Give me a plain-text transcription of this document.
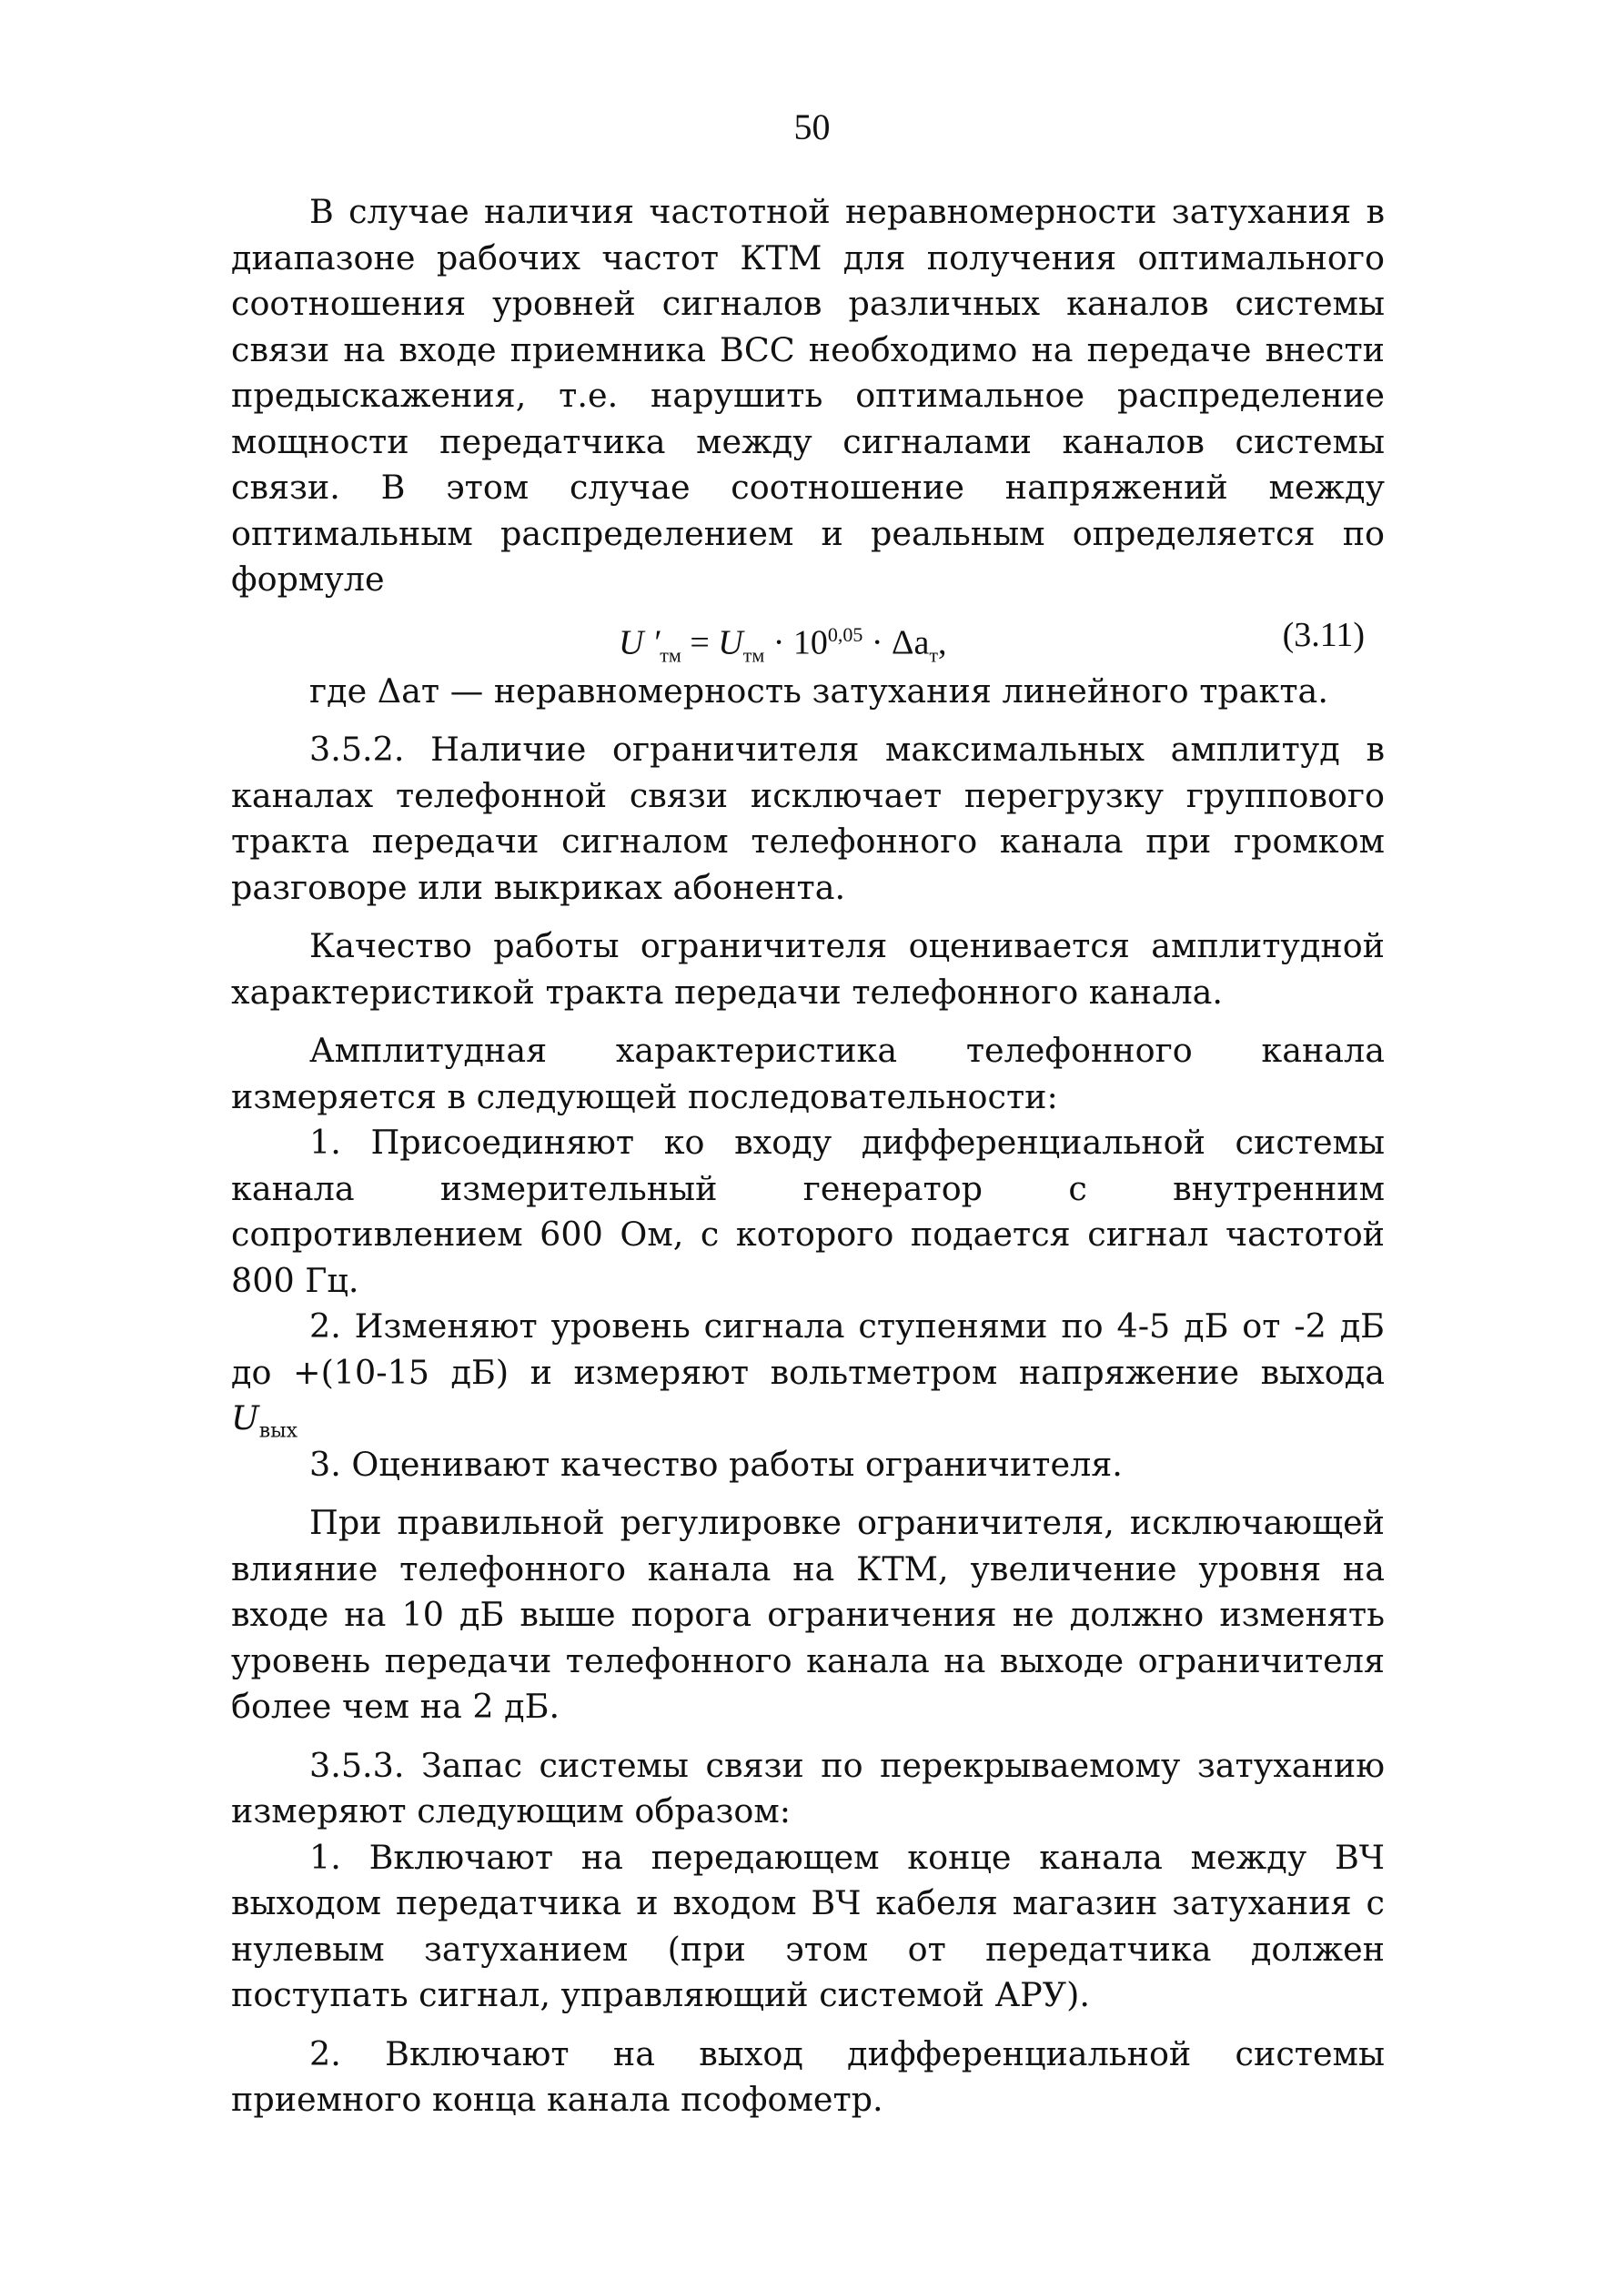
50

В случае наличия частотной неравномерности затухания в диапазоне рабочих частот КТМ для получения оптимального соотношения уровней сигналов различных каналов системы связи на входе приемника ВСС необходимо на передаче внести предыскажения, т.е. нарушить оптимальное распределение мощности передатчика между сигналами каналов системы связи. В этом случае соотношение напряжений между оптимальным распределением и реальным определяется по формуле

U $'_{тм} = U_{тм} \cdot 10^{0,05} \cdot \Delta a_т$,	(3.11)

где Δaт — неравномерность затухания линейного тракта.

3.5.2. Наличие ограничителя максимальных амплитуд в каналах телефонной связи исключает перегрузку группового тракта передачи сигналом телефонного канала при громком разговоре или выкриках абонента.

Качество работы ограничителя оценивается амплитудной характеристикой тракта передачи телефонного канала.

Амплитудная характеристика телефонного канала измеряется в следующей последовательности:

1. Присоединяют ко входу дифференциальной системы канала измерительный генератор с внутренним сопротивлением 600 Ом, с которого подается сигнал частотой 800 Гц.

2. Изменяют уровень сигнала ступенями по 4-5 дБ от -2 дБ до +(10-15 дБ) и измеряют вольтметром напряжение выхода $U_{вых}$

3. Оценивают качество работы ограничителя.

При правильной регулировке ограничителя, исключающей влияние телефонного канала на КТМ, увеличение уровня на входе на 10 дБ выше порога ограничения не должно изменять уровень передачи телефонного канала на выходе ограничителя более чем на 2 дБ.

3.5.3. Запас системы связи по перекрываемому затуханию измеряют следующим образом:

1. Включают на передающем конце канала между ВЧ выходом передатчика и входом ВЧ кабеля магазин затухания с нулевым затуханием (при этом от передатчика должен поступать сигнал, управляющий системой АРУ).

2. Включают на выход дифференциальной системы приемного конца канала псофометр.
